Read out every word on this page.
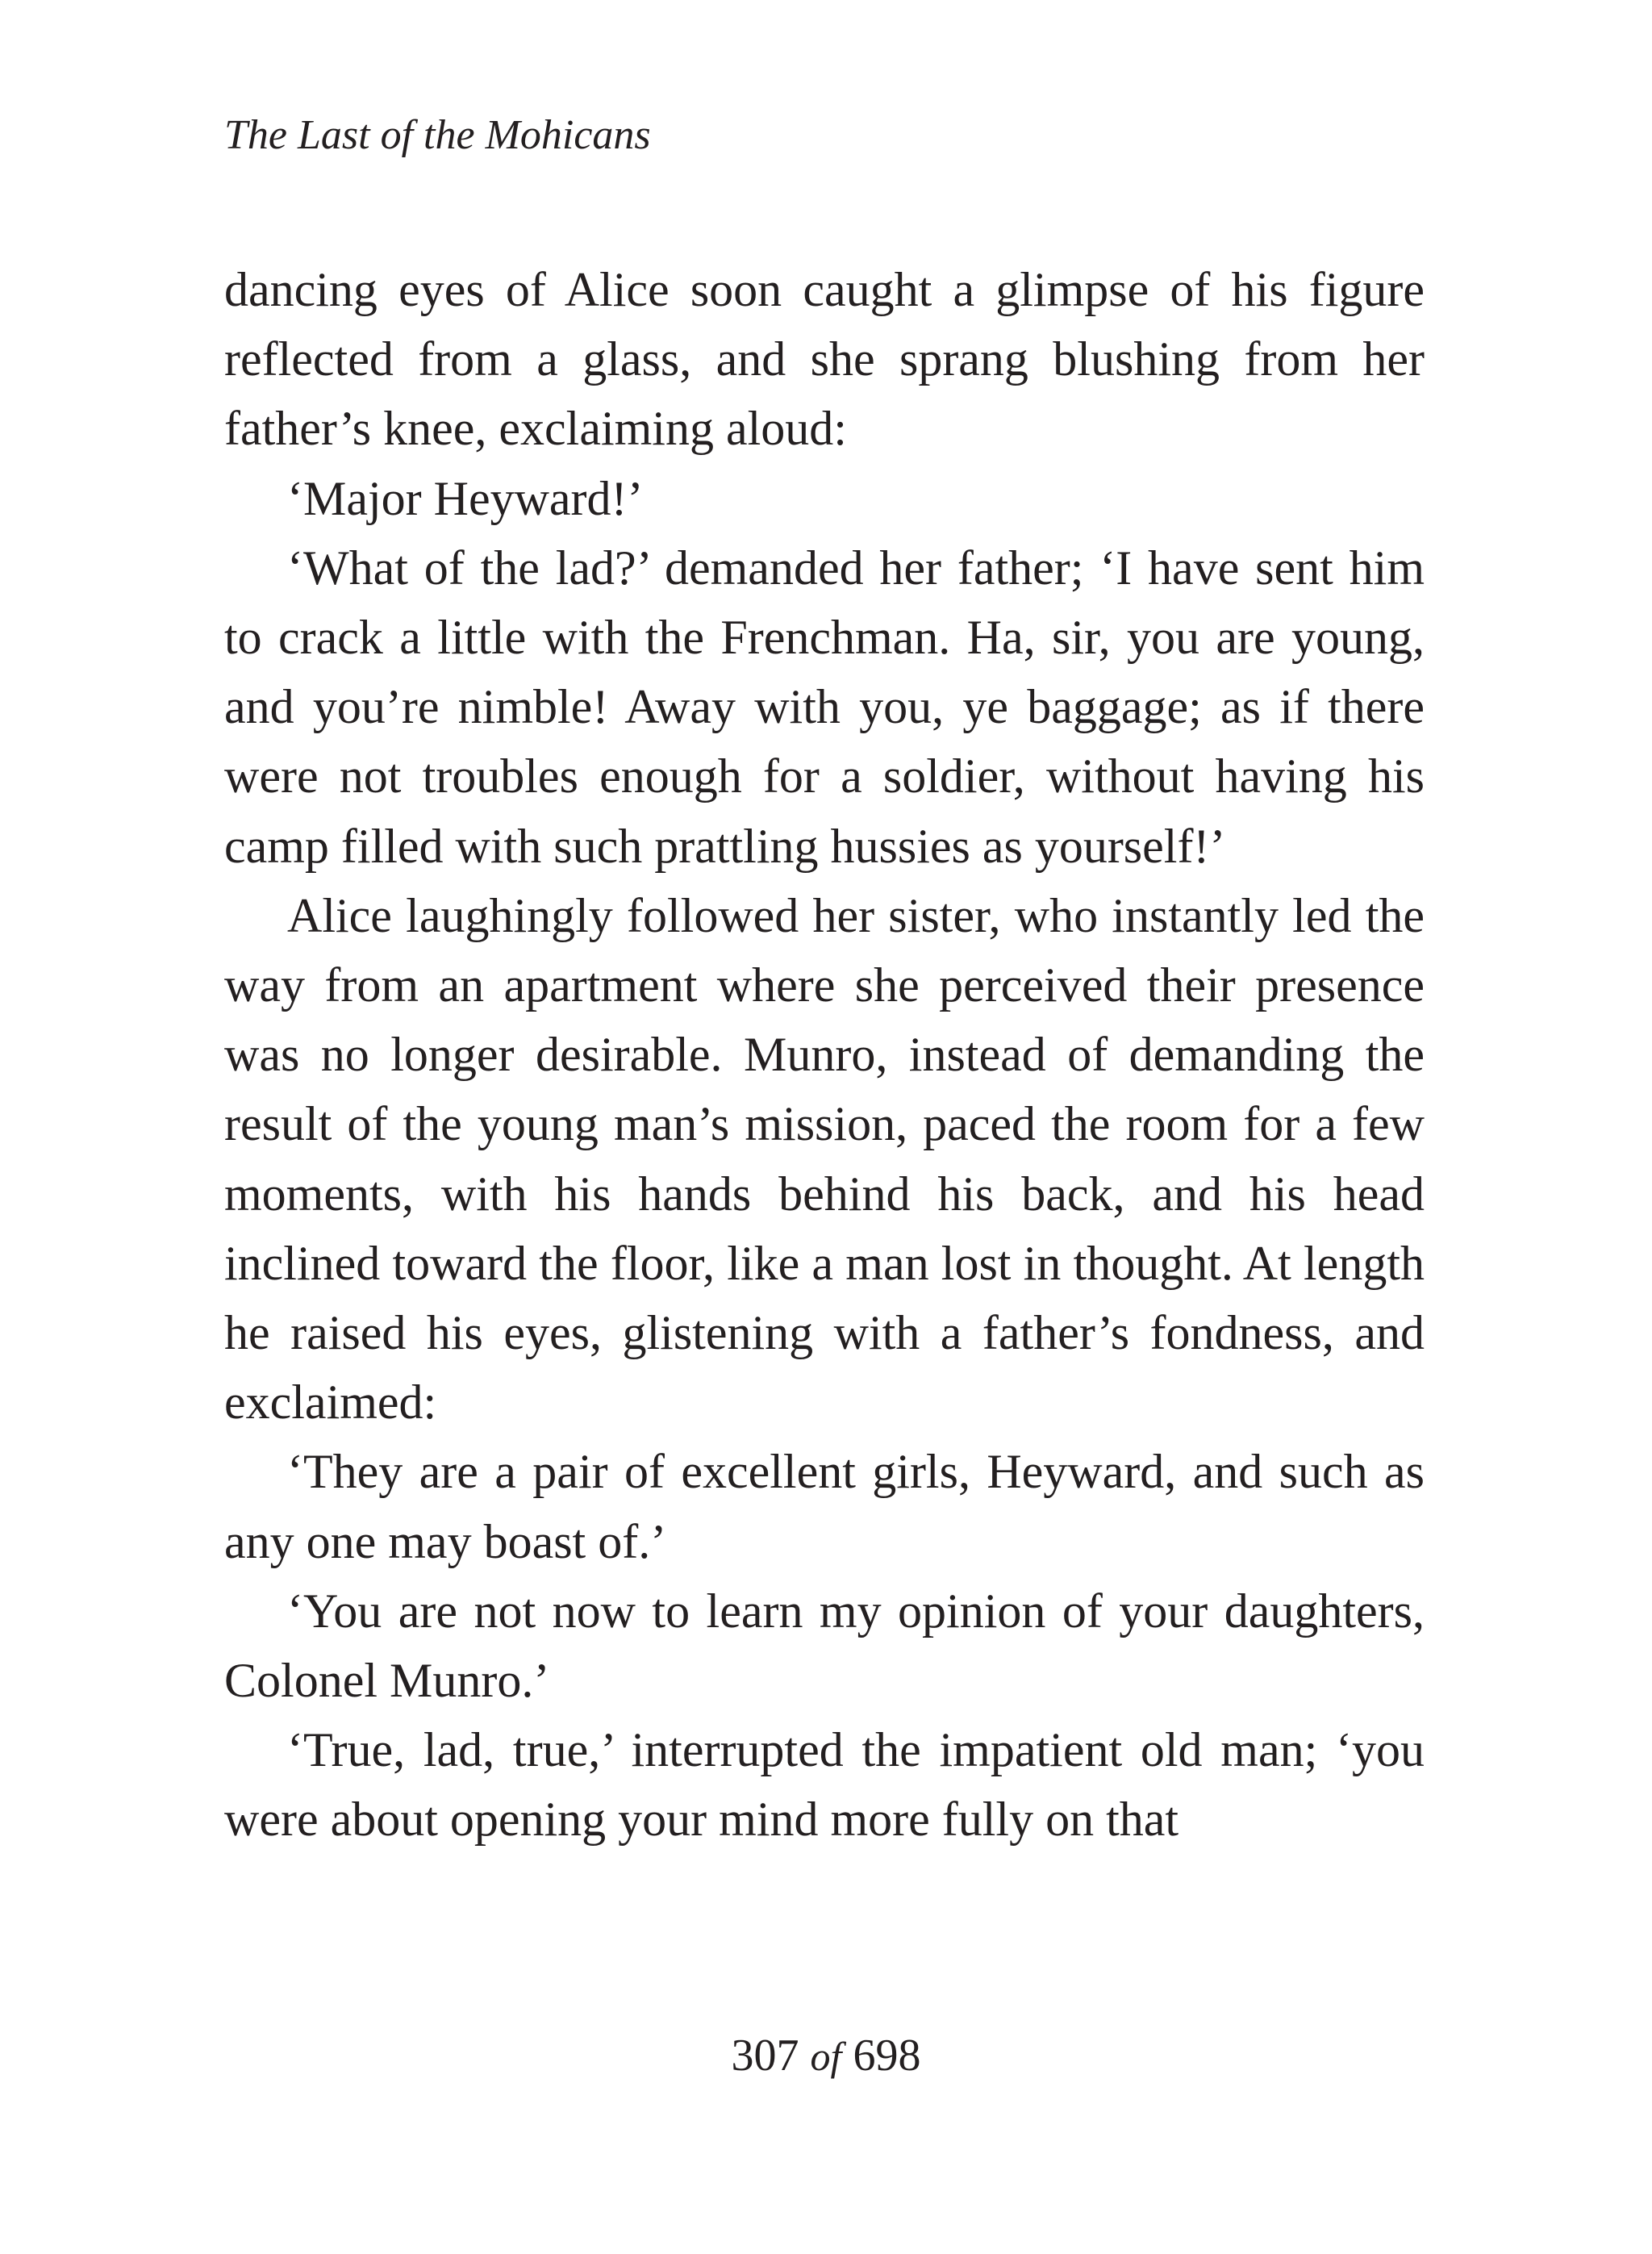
The Last of the Mohicans

dancing eyes of Alice soon caught a glimpse of his figure reflected from a glass, and she sprang blushing from her father’s knee, exclaiming aloud:

‘Major Heyward!’

‘What of the lad?’ demanded her father; ‘I have sent him to crack a little with the Frenchman. Ha, sir, you are young, and you’re nimble! Away with you, ye baggage; as if there were not troubles enough for a soldier, without having his camp filled with such prattling hussies as yourself!’

Alice laughingly followed her sister, who instantly led the way from an apartment where she perceived their presence was no longer desirable. Munro, instead of demanding the result of the young man’s mission, paced the room for a few moments, with his hands behind his back, and his head inclined toward the floor, like a man lost in thought. At length he raised his eyes, glistening with a father’s fondness, and exclaimed:

‘They are a pair of excellent girls, Heyward, and such as any one may boast of.’

‘You are not now to learn my opinion of your daughters, Colonel Munro.’

‘True, lad, true,’ interrupted the impatient old man; ‘you were about opening your mind more fully on that

307 of 698
